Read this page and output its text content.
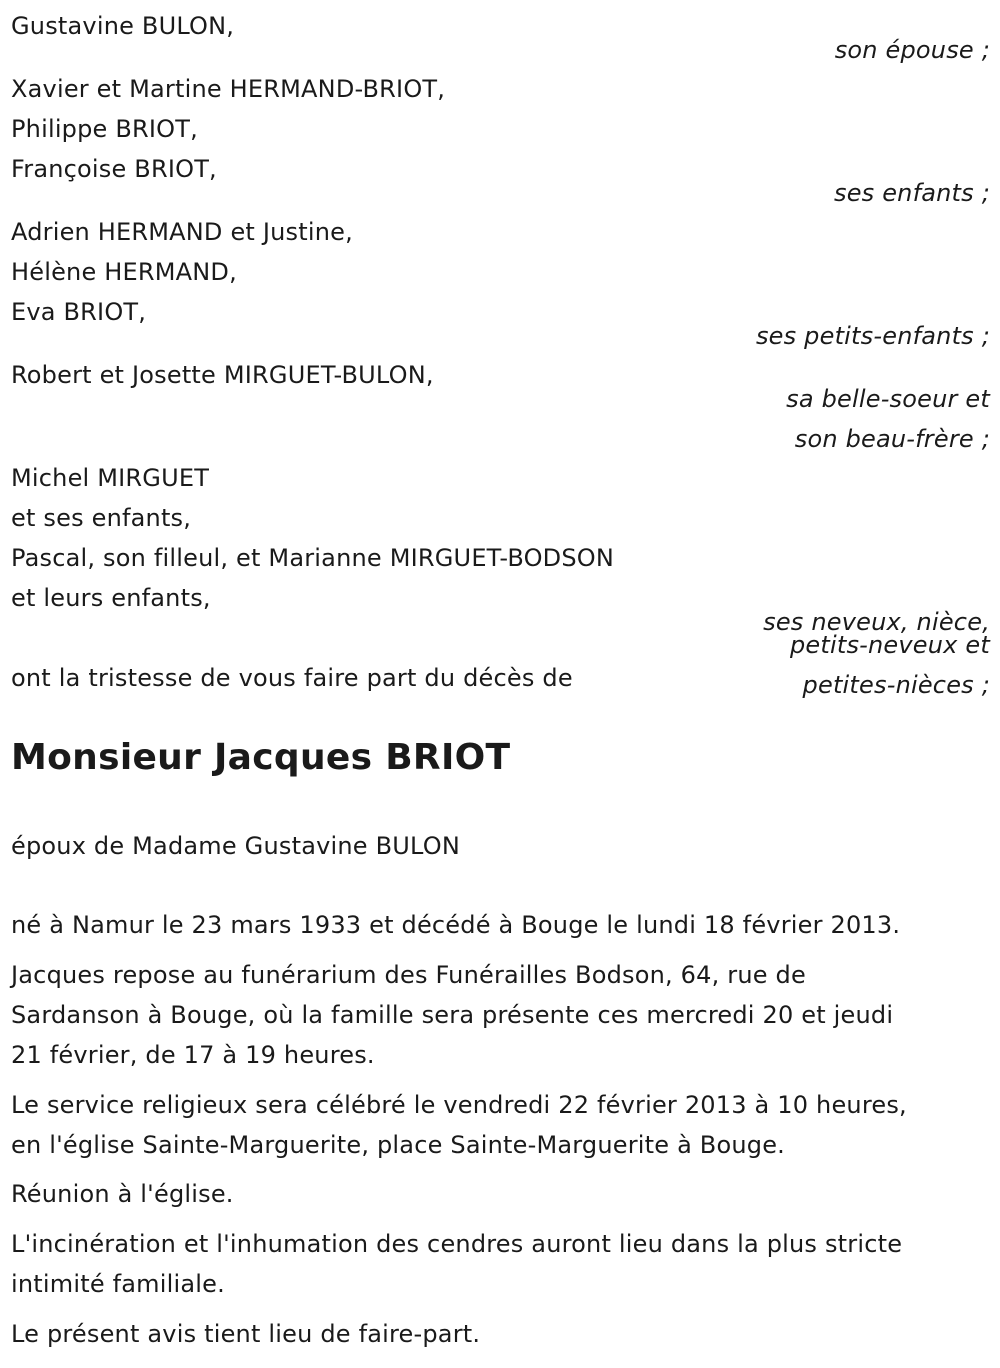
Gustavine BULON,
son épouse ;
Xavier et Martine HERMAND-BRIOT,
Philippe BRIOT,
Françoise BRIOT,
ses enfants ;
Adrien HERMAND et Justine,
Hélène HERMAND,
Eva BRIOT,
ses petits-enfants ;
Robert et Josette MIRGUET-BULON,
sa belle-soeur et
son beau-frère ;
Michel MIRGUET
et ses enfants,
Pascal, son filleul, et Marianne MIRGUET-BODSON
et leurs enfants,
ses neveux, nièce,
petits-neveux et
petites-nièces ;
ont la tristesse de vous faire part du décès de
Monsieur Jacques BRIOT
époux de Madame Gustavine BULON
né à Namur le 23 mars 1933 et décédé à Bouge le lundi 18 février 2013.
Jacques repose au funérarium des Funérailles Bodson, 64, rue de
Sardanson à Bouge, où la famille sera présente ces mercredi 20 et jeudi
21 février, de 17 à 19 heures.
Le service religieux sera célébré le vendredi 22 février 2013 à 10 heures,
en l'église Sainte-Marguerite, place Sainte-Marguerite à Bouge.
Réunion à l'église.
L'incinération et l'inhumation des cendres auront lieu dans la plus stricte
intimité familiale.
Le présent avis tient lieu de faire-part.
